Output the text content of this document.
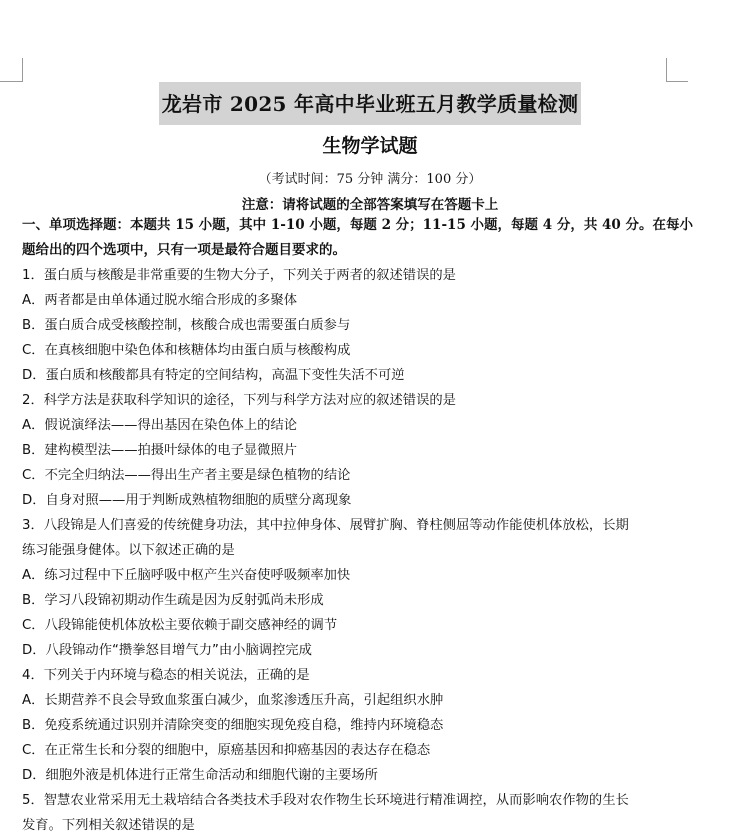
龙岩市 2025 年高中毕业班五月教学质量检测
生物学试题
（考试时间：75 分钟 满分：100 分）
注意：请将试题的全部答案填写在答题卡上
一、单项选择题：本题共 15 小题，其中 1-10 小题，每题 2 分；11-15 小题，每题 4 分，共 40 分。在每小
题给出的四个选项中，只有一项是最符合题目要求的。
1．蛋白质与核酸是非常重要的生物大分子，下列关于两者的叙述错误的是
A．两者都是由单体通过脱水缩合形成的多聚体
B．蛋白质合成受核酸控制，核酸合成也需要蛋白质参与
C．在真核细胞中染色体和核糖体均由蛋白质与核酸构成
D．蛋白质和核酸都具有特定的空间结构，高温下变性失活不可逆
2．科学方法是获取科学知识的途径，下列与科学方法对应的叙述错误的是
A．假说演绎法——得出基因在染色体上的结论
B．建构模型法——拍摄叶绿体的电子显微照片
C．不完全归纳法——得出生产者主要是绿色植物的结论
D．自身对照——用于判断成熟植物细胞的质壁分离现象
3．八段锦是人们喜爱的传统健身功法，其中拉伸身体、展臂扩胸、脊柱侧屈等动作能使机体放松，长期
练习能强身健体。以下叙述正确的是
A．练习过程中下丘脑呼吸中枢产生兴奋使呼吸频率加快
B．学习八段锦初期动作生疏是因为反射弧尚未形成
C．八段锦能使机体放松主要依赖于副交感神经的调节
D．八段锦动作“攒拳怒目增气力”由小脑调控完成
4．下列关于内环境与稳态的相关说法，正确的是
A．长期营养不良会导致血浆蛋白减少，血浆渗透压升高，引起组织水肿
B．免疫系统通过识别并清除突变的细胞实现免疫自稳，维持内环境稳态
C．在正常生长和分裂的细胞中，原癌基因和抑癌基因的表达存在稳态
D．细胞外液是机体进行正常生命活动和细胞代谢的主要场所
5．智慧农业常采用无土栽培结合各类技术手段对农作物生长环境进行精准调控，从而影响农作物的生长
发育。下列相关叙述错误的是
